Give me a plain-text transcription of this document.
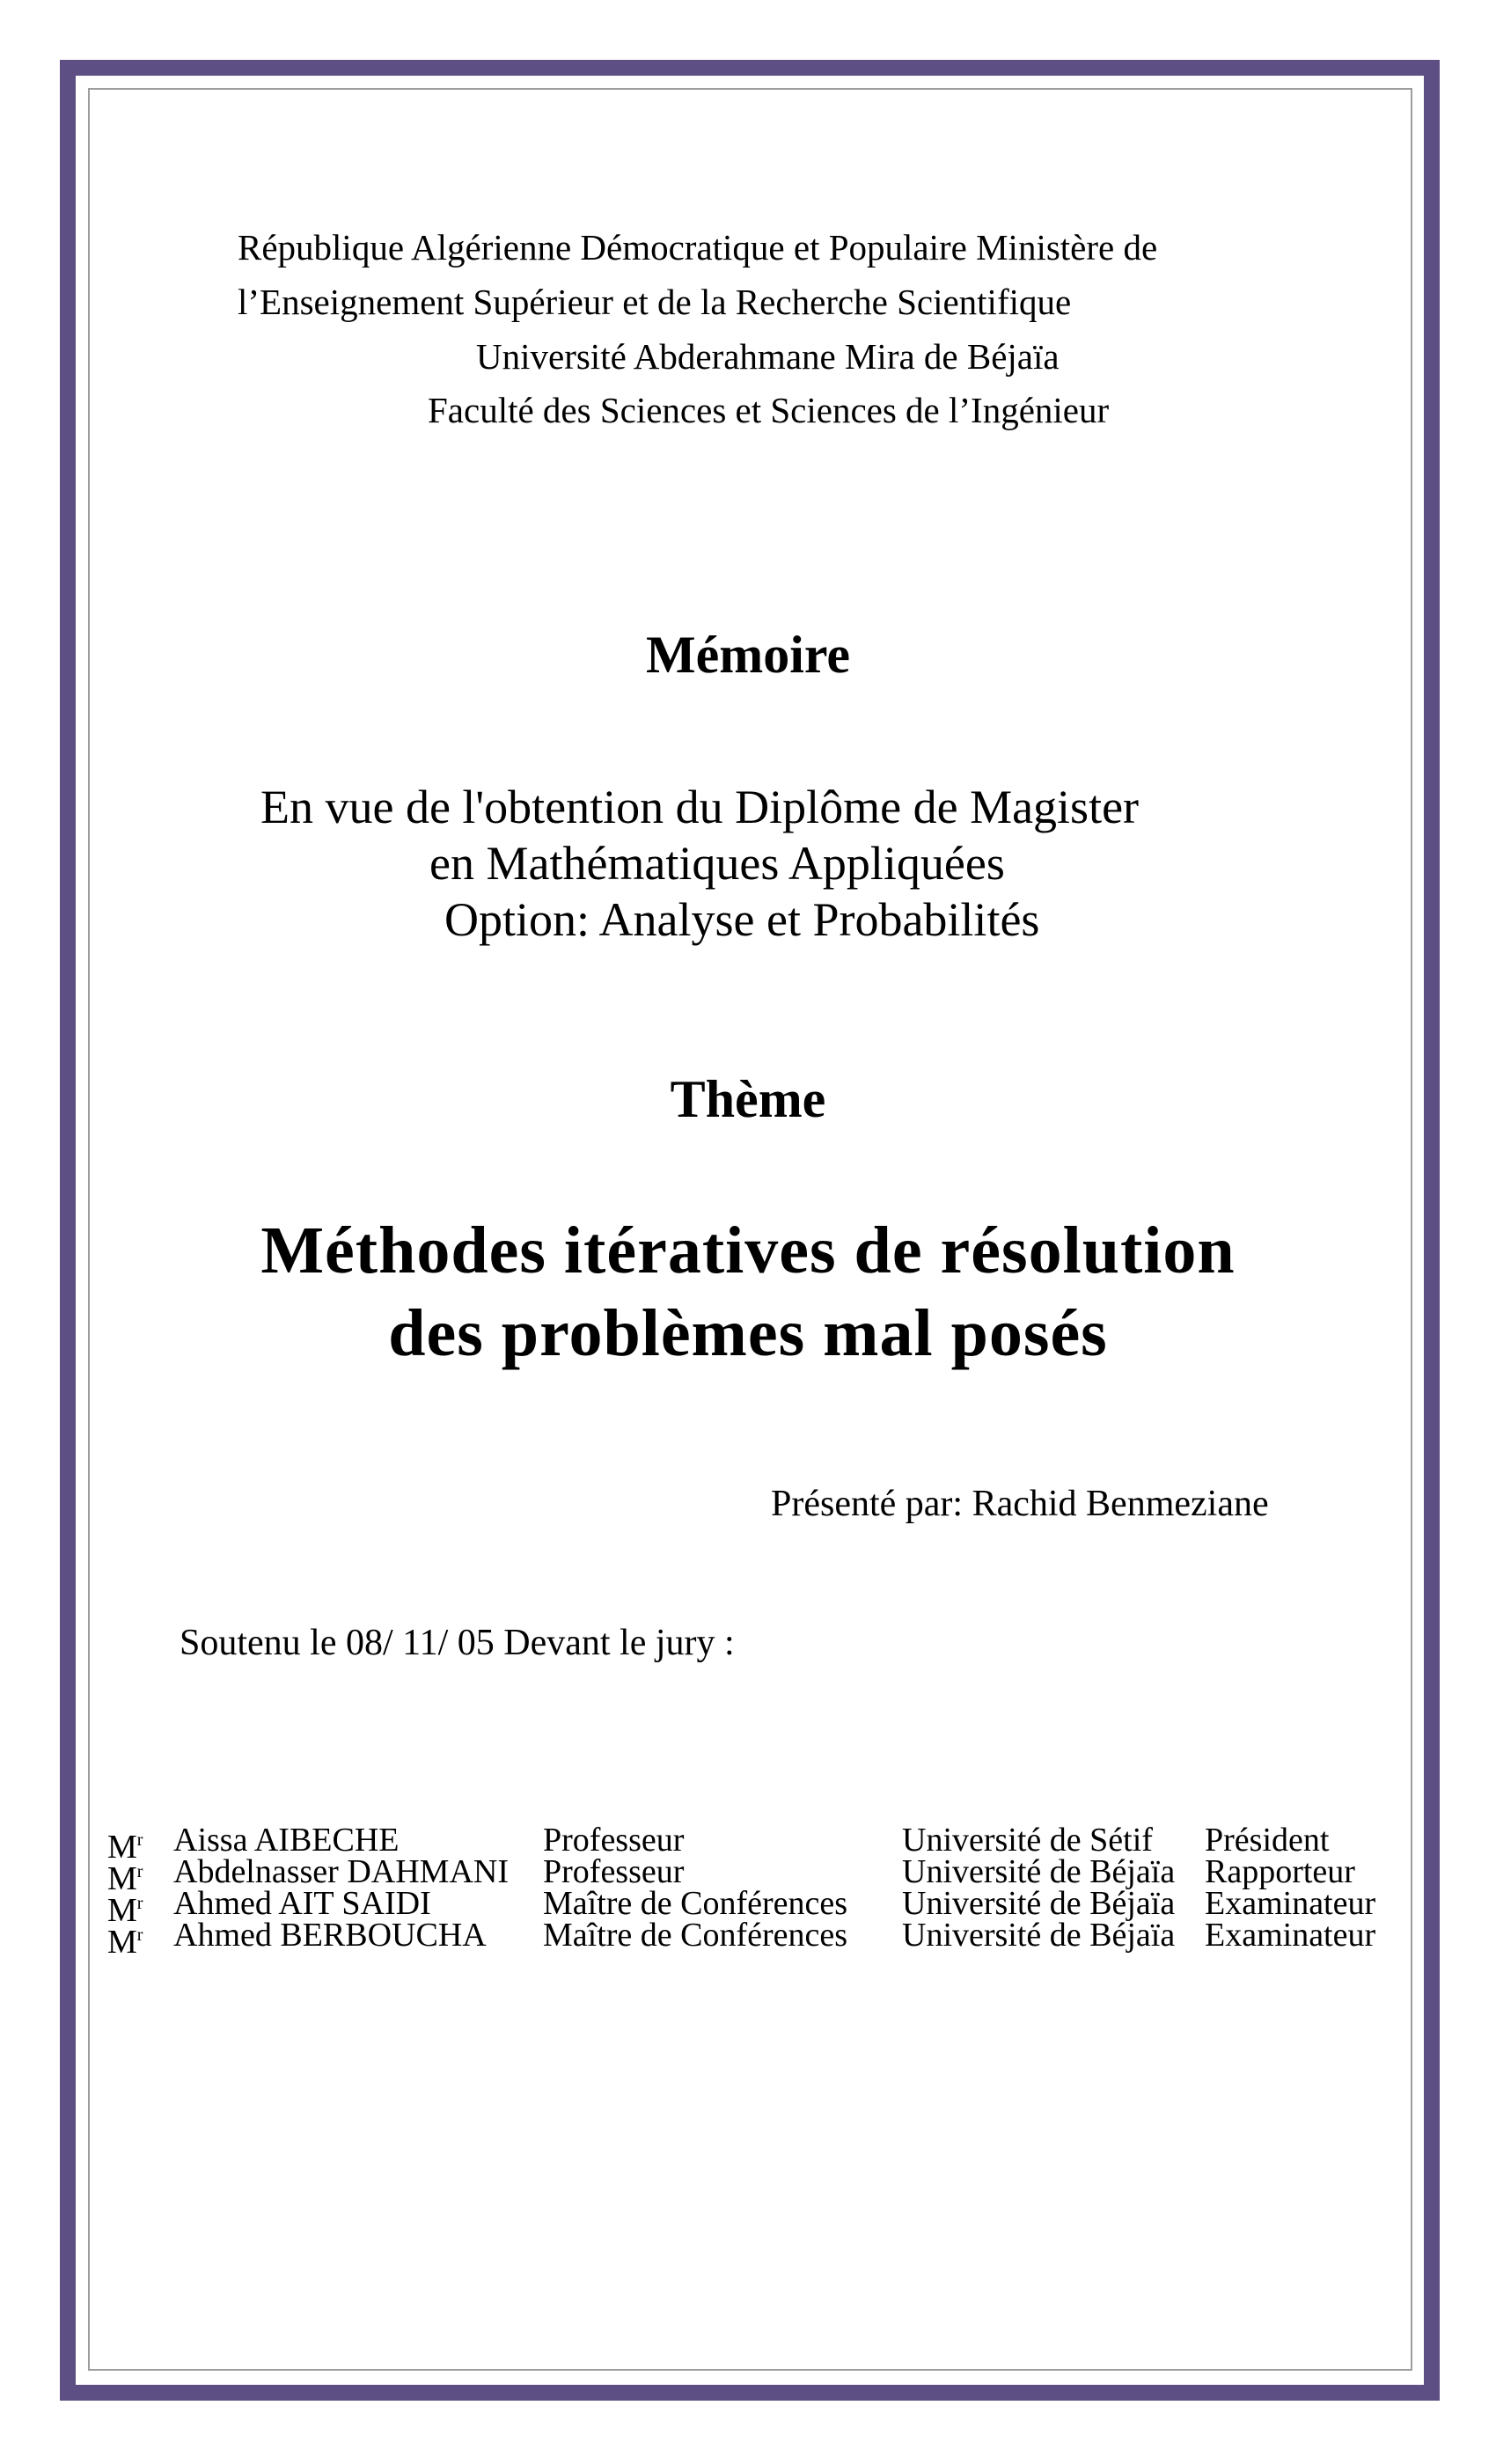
République Algérienne Démocratique et Populaire Ministère de
l’Enseignement Supérieur et de la Recherche Scientifique
Université Abderahmane Mira de Béjaïa
Faculté des Sciences et Sciences de l’Ingénieur
Mémoire
En vue de l'obtention du Diplôme de Magister
en Mathématiques Appliquées
Option: Analyse et Probabilités
Thème
Méthodes itératives de résolution
des problèmes mal posés
Présenté par: Rachid Benmeziane
Soutenu le 08/ 11/ 05 Devant le jury :
$M^r$ Aissa AIBECHE	Professeur	Université de Sétif Président
$M^r$ Abdelnasser DAHMANI Professeur	Université de Béjaïa Rapporteur
$M^r$ Ahmed AIT SAIDI	Maître de Conférences Université de Béjaïa Examinateur
$M^r$ Ahmed BERBOUCHA Maître de Conférences Université de Béjaïa Examinateur
